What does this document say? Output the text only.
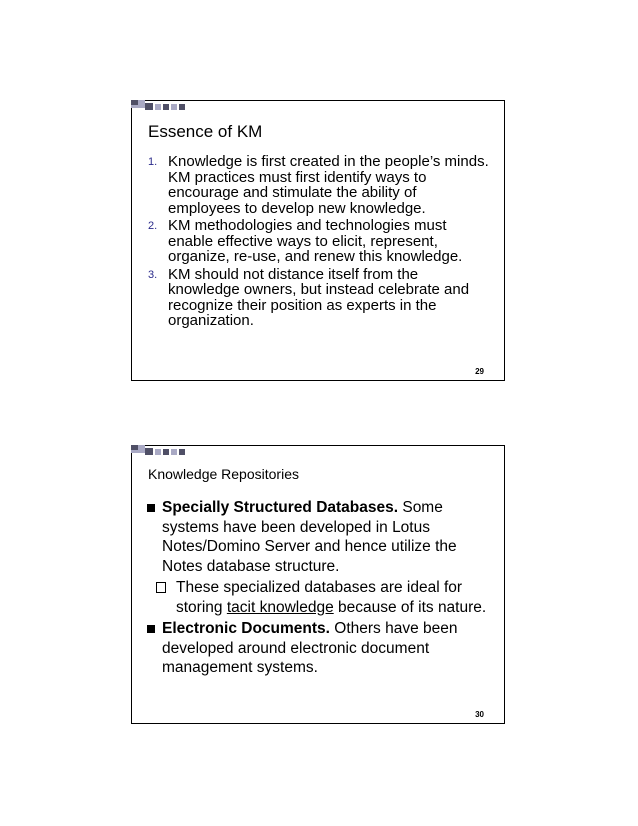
Essence of KM
1. Knowledge is first created in the people’s minds. KM practices must first identify ways to encourage and stimulate the ability of employees to develop new knowledge.
2. KM methodologies and technologies must enable effective ways to elicit, represent, organize, re-use, and renew this knowledge.
3. KM should not distance itself from the knowledge owners, but instead celebrate and recognize their position as experts in the organization.
29
Knowledge Repositories
Specially Structured Databases. Some systems have been developed in Lotus Notes/Domino Server and hence utilize the Notes database structure.
These specialized databases are ideal for storing tacit knowledge because of its nature.
Electronic Documents. Others have been developed around electronic document management systems.
30
